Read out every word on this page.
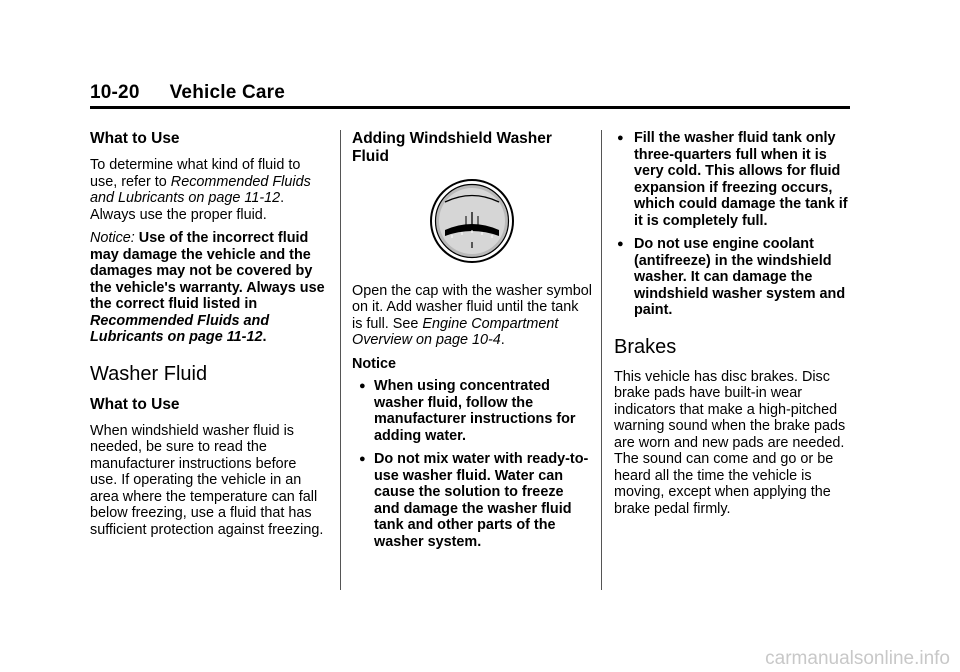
10-20 Vehicle Care
What to Use

To determine what kind of fluid to use, refer to Recommended Fluids and Lubricants on page 11-12. Always use the proper fluid.

Notice: Use of the incorrect fluid may damage the vehicle and the damages may not be covered by the vehicle's warranty. Always use the correct fluid listed in Recommended Fluids and Lubricants on page 11-12.

Washer Fluid
What to Use

When windshield washer fluid is needed, be sure to read the manufacturer instructions before use. If operating the vehicle in an area where the temperature can fall below freezing, use a fluid that has sufficient protection against freezing.

Adding Windshield Washer Fluid

Open the cap with the washer symbol on it. Add washer fluid until the tank is full. See Engine Compartment Overview on page 10-4.

Notice

● When using concentrated washer fluid, follow the manufacturer instructions for adding water.
● Do not mix water with ready-to-use washer fluid. Water can cause the solution to freeze and damage the washer fluid tank and other parts of the washer system.
● Fill the washer fluid tank only three-quarters full when it is very cold. This allows for fluid expansion if freezing occurs, which could damage the tank if it is completely full.
● Do not use engine coolant (antifreeze) in the windshield washer. It can damage the windshield washer system and paint.
Brakes

This vehicle has disc brakes. Disc brake pads have built-in wear indicators that make a high-pitched warning sound when the brake pads are worn and new pads are needed. The sound can come and go or be heard all the time the vehicle is moving, except when applying the brake pedal firmly.

carmanualsonline.info
